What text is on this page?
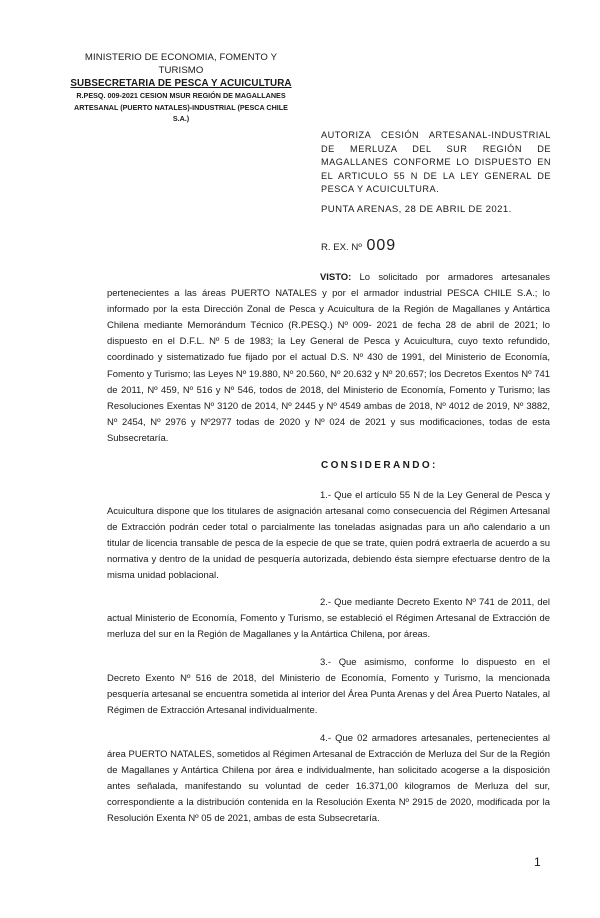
MINISTERIO DE ECONOMIA, FOMENTO Y TURISMO
SUBSECRETARIA DE PESCA Y ACUICULTURA
R.PESQ. 009-2021 CESION MSUR REGIÓN DE MAGALLANES
ARTESANAL (PUERTO NATALES)-INDUSTRIAL (PESCA CHILE
S.A.)
AUTORIZA CESIÓN ARTESANAL-INDUSTRIAL DE MERLUZA DEL SUR REGIÓN DE MAGALLANES CONFORME LO DISPUESTO EN EL ARTICULO 55 N DE LA LEY GENERAL DE PESCA Y ACUICULTURA.
PUNTA ARENAS, 28 DE ABRIL DE 2021.
R. EX. Nº 009
VISTO: Lo solicitado por armadores artesanales pertenecientes a las áreas PUERTO NATALES y por el armador industrial PESCA CHILE S.A.; lo informado por la esta Dirección Zonal de Pesca y Acuicultura de la Región de Magallanes y Antártica Chilena mediante Memorándum Técnico (R.PESQ.) Nº 009- 2021 de fecha 28 de abril de 2021; lo dispuesto en el D.F.L. Nº 5 de 1983; la Ley General de Pesca y Acuicultura, cuyo texto refundido, coordinado y sistematizado fue fijado por el actual D.S. Nº 430 de 1991, del Ministerio de Economía, Fomento y Turismo; las Leyes Nº 19.880, Nº 20.560, Nº 20.632 y Nº 20.657; los Decretos Exentos Nº 741 de 2011, Nº 459, Nº 516 y Nº 546, todos de 2018, del Ministerio de Economía, Fomento y Turismo; las Resoluciones Exentas Nº 3120 de 2014, Nº 2445 y Nº 4549 ambas de 2018, Nº 4012 de 2019, Nº 3882, Nº 2454, Nº 2976 y Nº2977 todas de 2020 y Nº 024 de 2021 y sus modificaciones, todas de esta Subsecretaría.
CONSIDERANDO:
1.- Que el artículo 55 N de la Ley General de Pesca y Acuicultura dispone que los titulares de asignación artesanal como consecuencia del Régimen Artesanal de Extracción podrán ceder total o parcialmente las toneladas asignadas para un año calendario a un titular de licencia transable de pesca de la especie de que se trate, quien podrá extraerla de acuerdo a su normativa y dentro de la unidad de pesquería autorizada, debiendo ésta siempre efectuarse dentro de la misma unidad poblacional.
2.- Que mediante Decreto Exento Nº 741 de 2011, del actual Ministerio de Economía, Fomento y Turismo, se estableció el Régimen Artesanal de Extracción de merluza del sur en la Región de Magallanes y la Antártica Chilena, por áreas.
3.- Que asimismo, conforme lo dispuesto en el Decreto Exento Nº 516 de 2018, del Ministerio de Economía, Fomento y Turismo, la mencionada pesquería artesanal se encuentra sometida al interior del Área Punta Arenas y del Área Puerto Natales, al Régimen de Extracción Artesanal individualmente.
4.- Que 02 armadores artesanales, pertenecientes al área PUERTO NATALES, sometidos al Régimen Artesanal de Extracción de Merluza del Sur de la Región de Magallanes y Antártica Chilena por área e individualmente, han solicitado acogerse a la disposición antes señalada, manifestando su voluntad de ceder 16.371,00 kilogramos de Merluza del sur, correspondiente a la distribución contenida en la Resolución Exenta Nº 2915 de 2020, modificada por la Resolución Exenta Nº 05 de 2021, ambas de esta Subsecretaría.
1
